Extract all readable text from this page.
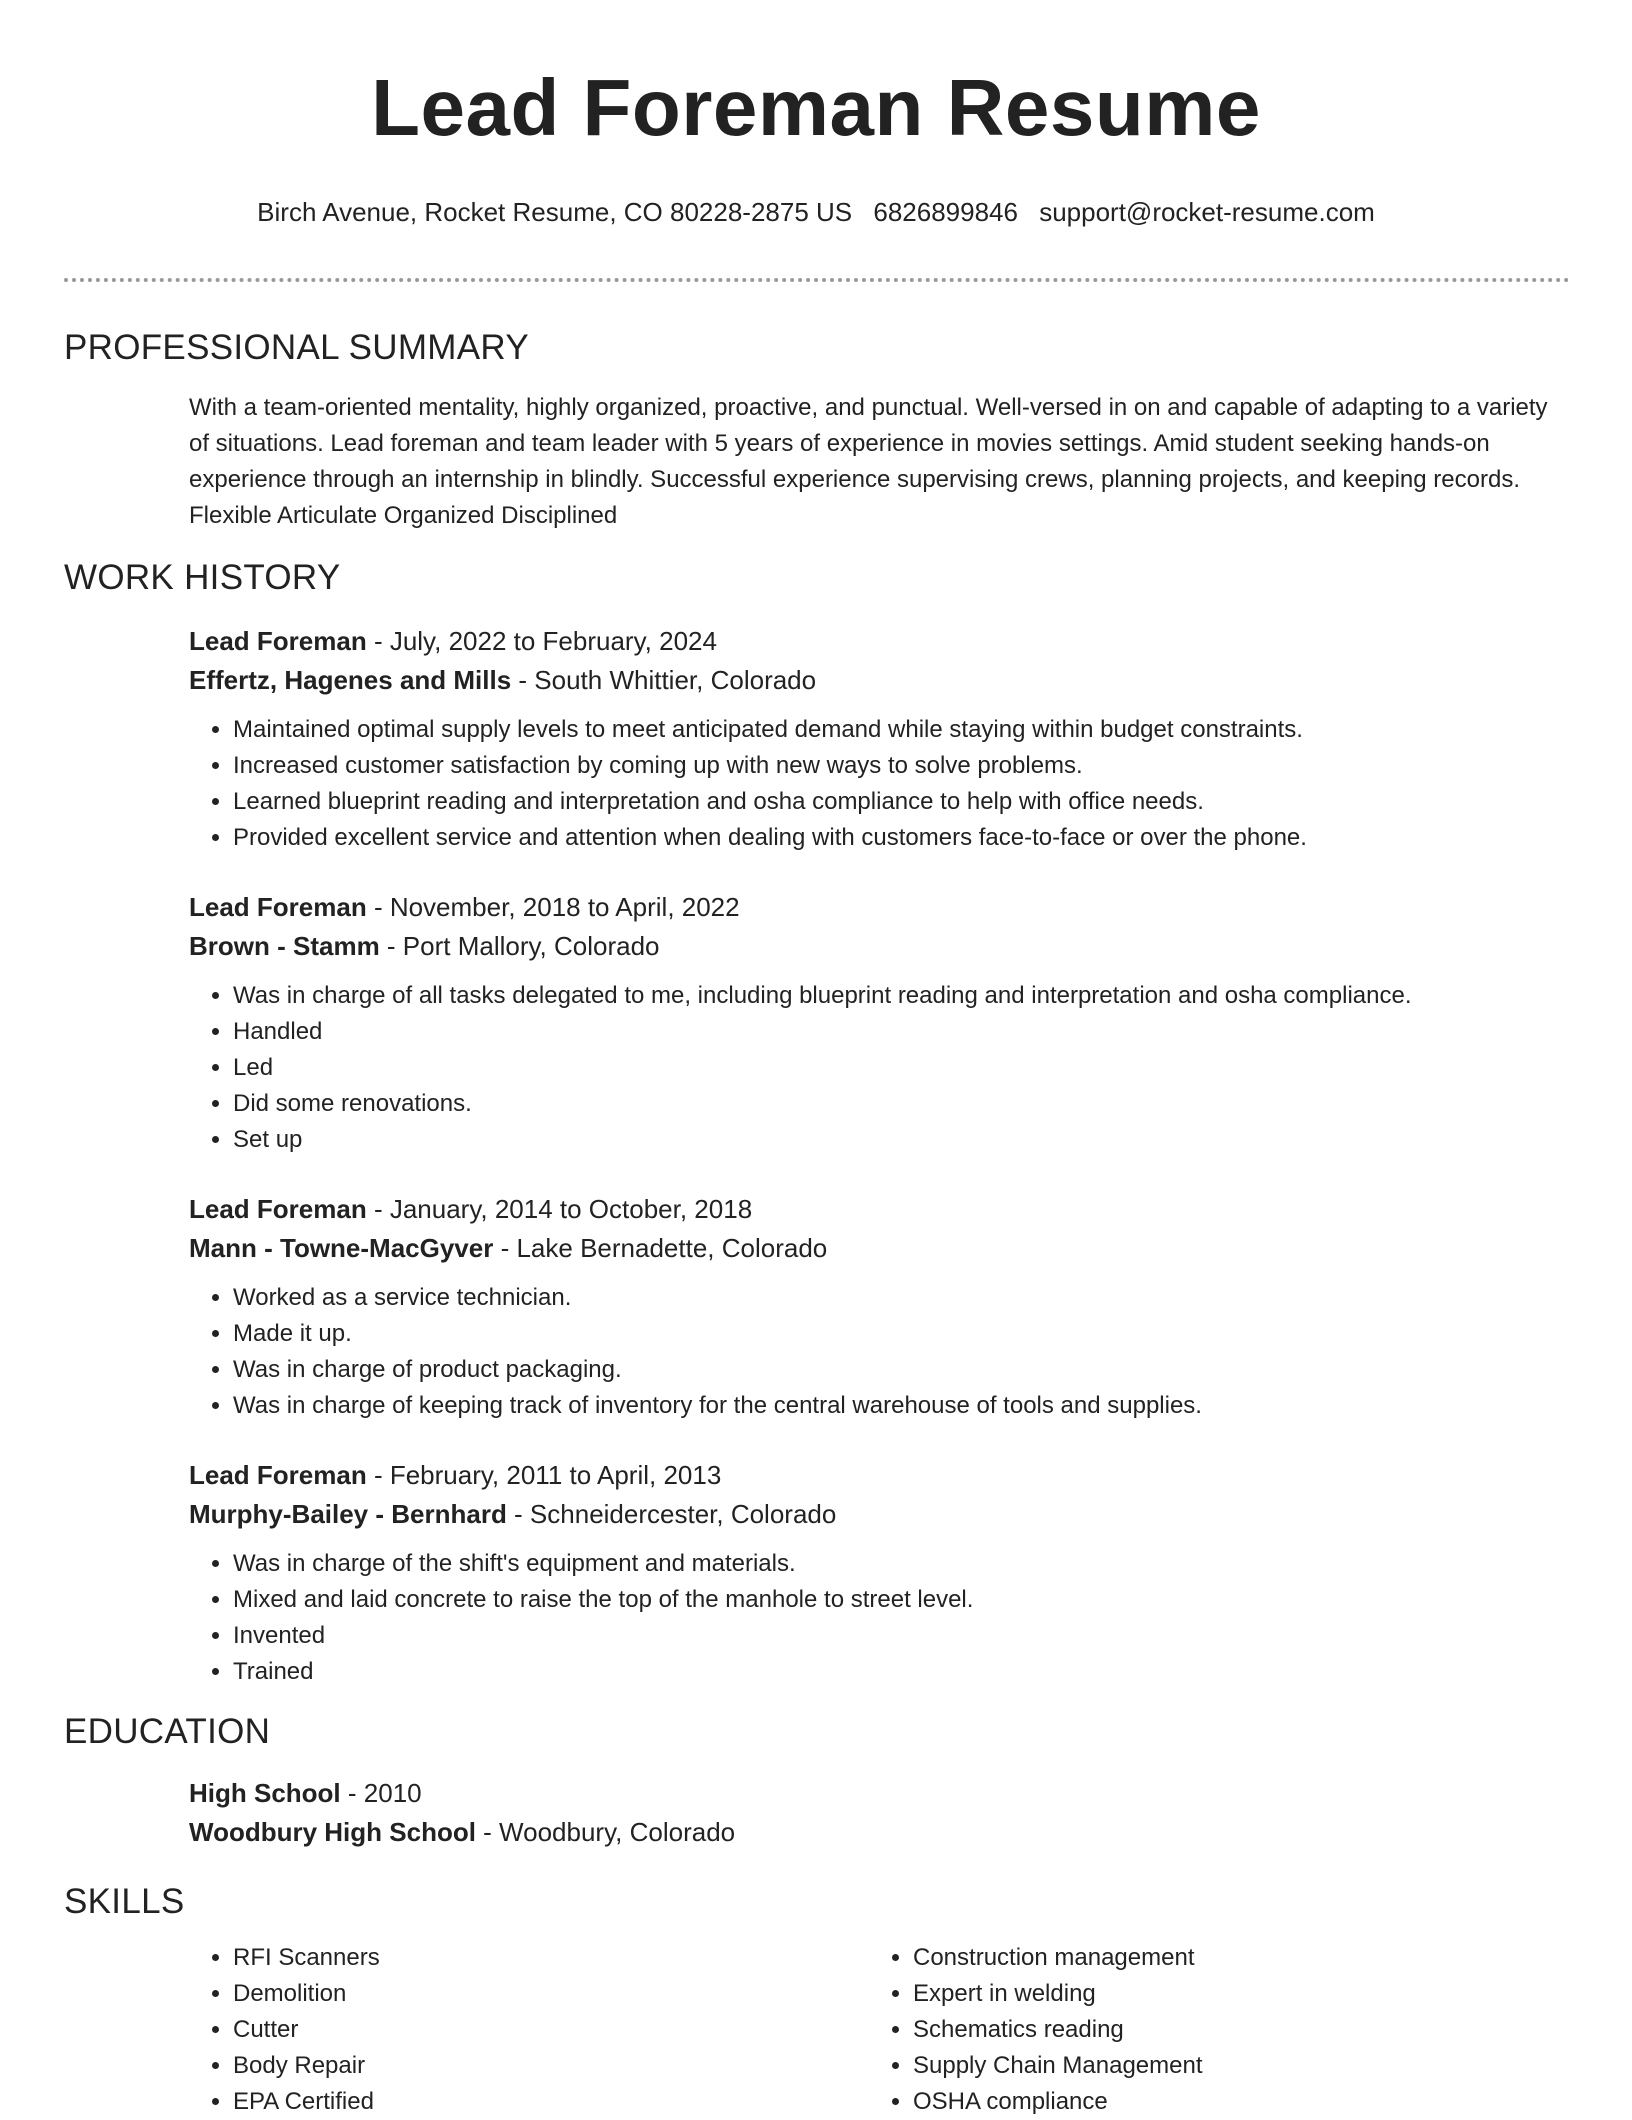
Lead Foreman Resume
Birch Avenue, Rocket Resume, CO 80228-2875 US 6826899846 support@rocket-resume.com
PROFESSIONAL SUMMARY
With a team-oriented mentality, highly organized, proactive, and punctual. Well-versed in on and capable of adapting to a variety of situations. Lead foreman and team leader with 5 years of experience in movies settings. Amid student seeking hands-on experience through an internship in blindly. Successful experience supervising crews, planning projects, and keeping records. Flexible Articulate Organized Disciplined
WORK HISTORY
Lead Foreman - July, 2022 to February, 2024
Effertz, Hagenes and Mills - South Whittier, Colorado
• Maintained optimal supply levels to meet anticipated demand while staying within budget constraints.
• Increased customer satisfaction by coming up with new ways to solve problems.
• Learned blueprint reading and interpretation and osha compliance to help with office needs.
• Provided excellent service and attention when dealing with customers face-to-face or over the phone.
Lead Foreman - November, 2018 to April, 2022
Brown - Stamm - Port Mallory, Colorado
• Was in charge of all tasks delegated to me, including blueprint reading and interpretation and osha compliance.
• Handled
• Led
• Did some renovations.
• Set up
Lead Foreman - January, 2014 to October, 2018
Mann - Towne-MacGyver - Lake Bernadette, Colorado
• Worked as a service technician.
• Made it up.
• Was in charge of product packaging.
• Was in charge of keeping track of inventory for the central warehouse of tools and supplies.
Lead Foreman - February, 2011 to April, 2013
Murphy-Bailey - Bernhard - Schneidercester, Colorado
• Was in charge of the shift's equipment and materials.
• Mixed and laid concrete to raise the top of the manhole to street level.
• Invented
• Trained
EDUCATION
High School - 2010
Woodbury High School - Woodbury, Colorado
SKILLS
• RFI Scanners
• Demolition
• Cutter
• Body Repair
• EPA Certified
• Construction management
• Expert in welding
• Schematics reading
• Supply Chain Management
• OSHA compliance
